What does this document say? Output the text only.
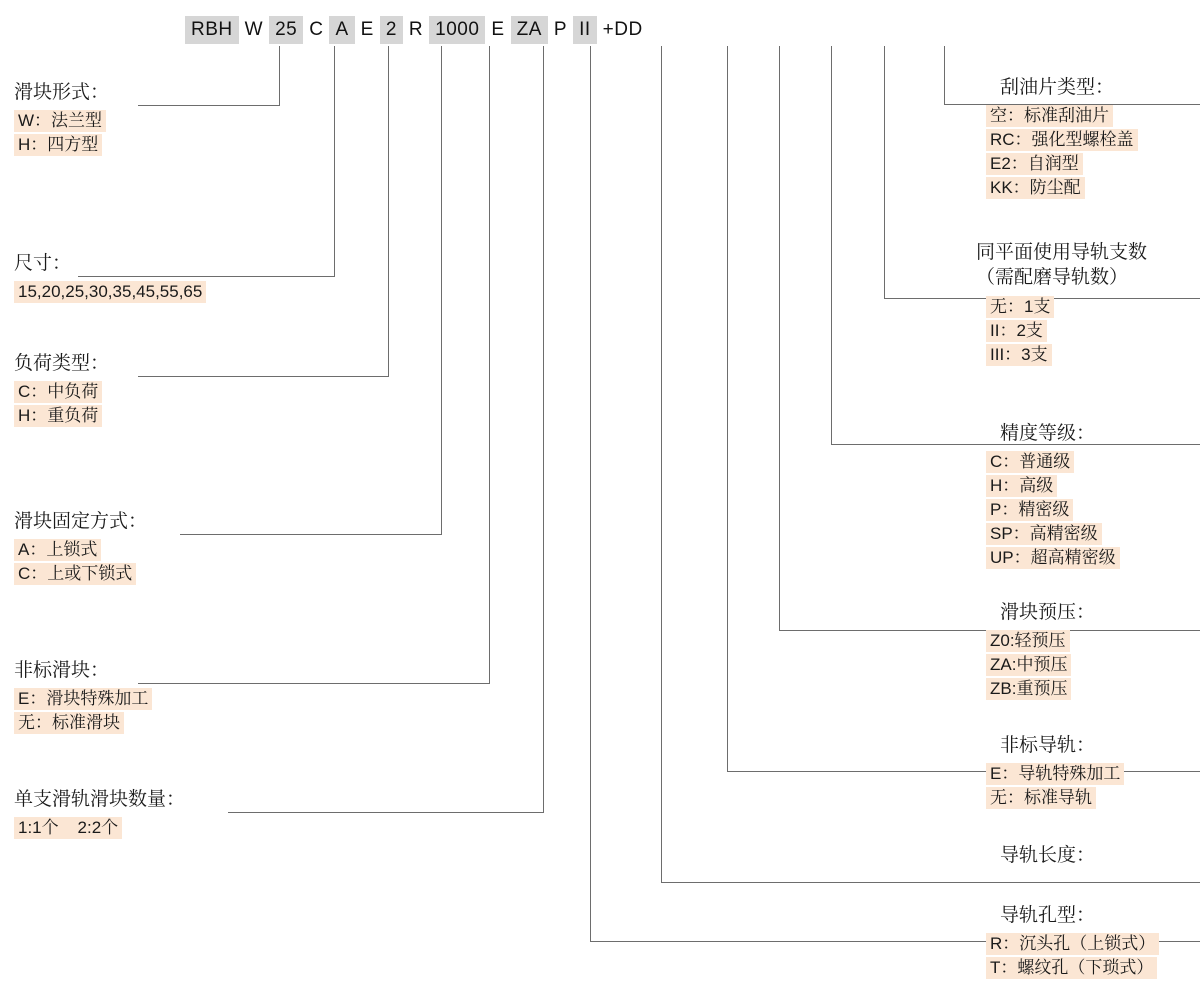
RBH W 25 C A E 2 R 1000 E ZA P II +DD
滑块形式：
W：法兰型
H：四方型
尺寸：
15,20,25,30,35,45,55,65
负荷类型：
C：中负荷
H：重负荷
滑块固定方式：
A：上锁式
C：上或下锁式
非标滑块：
E：滑块特殊加工
无：标准滑块
单支滑轨滑块数量：
1:1个    2:2个
刮油片类型：
空：标准刮油片
RC：强化型螺栓盖
E2：自润型
KK：防尘配
同平面使用导轨支数
（需配磨导轨数）
无：1支
II：2支
III：3支
精度等级：
C：普通级
H：高级
P：精密级
SP：高精密级
UP：超高精密级
滑块预压：
Z0:轻预压
ZA:中预压
ZB:重预压
非标导轨：
E：导轨特殊加工
无：标准导轨
导轨长度：
导轨孔型：
R：沉头孔（上锁式）
T：螺纹孔（下琐式）
